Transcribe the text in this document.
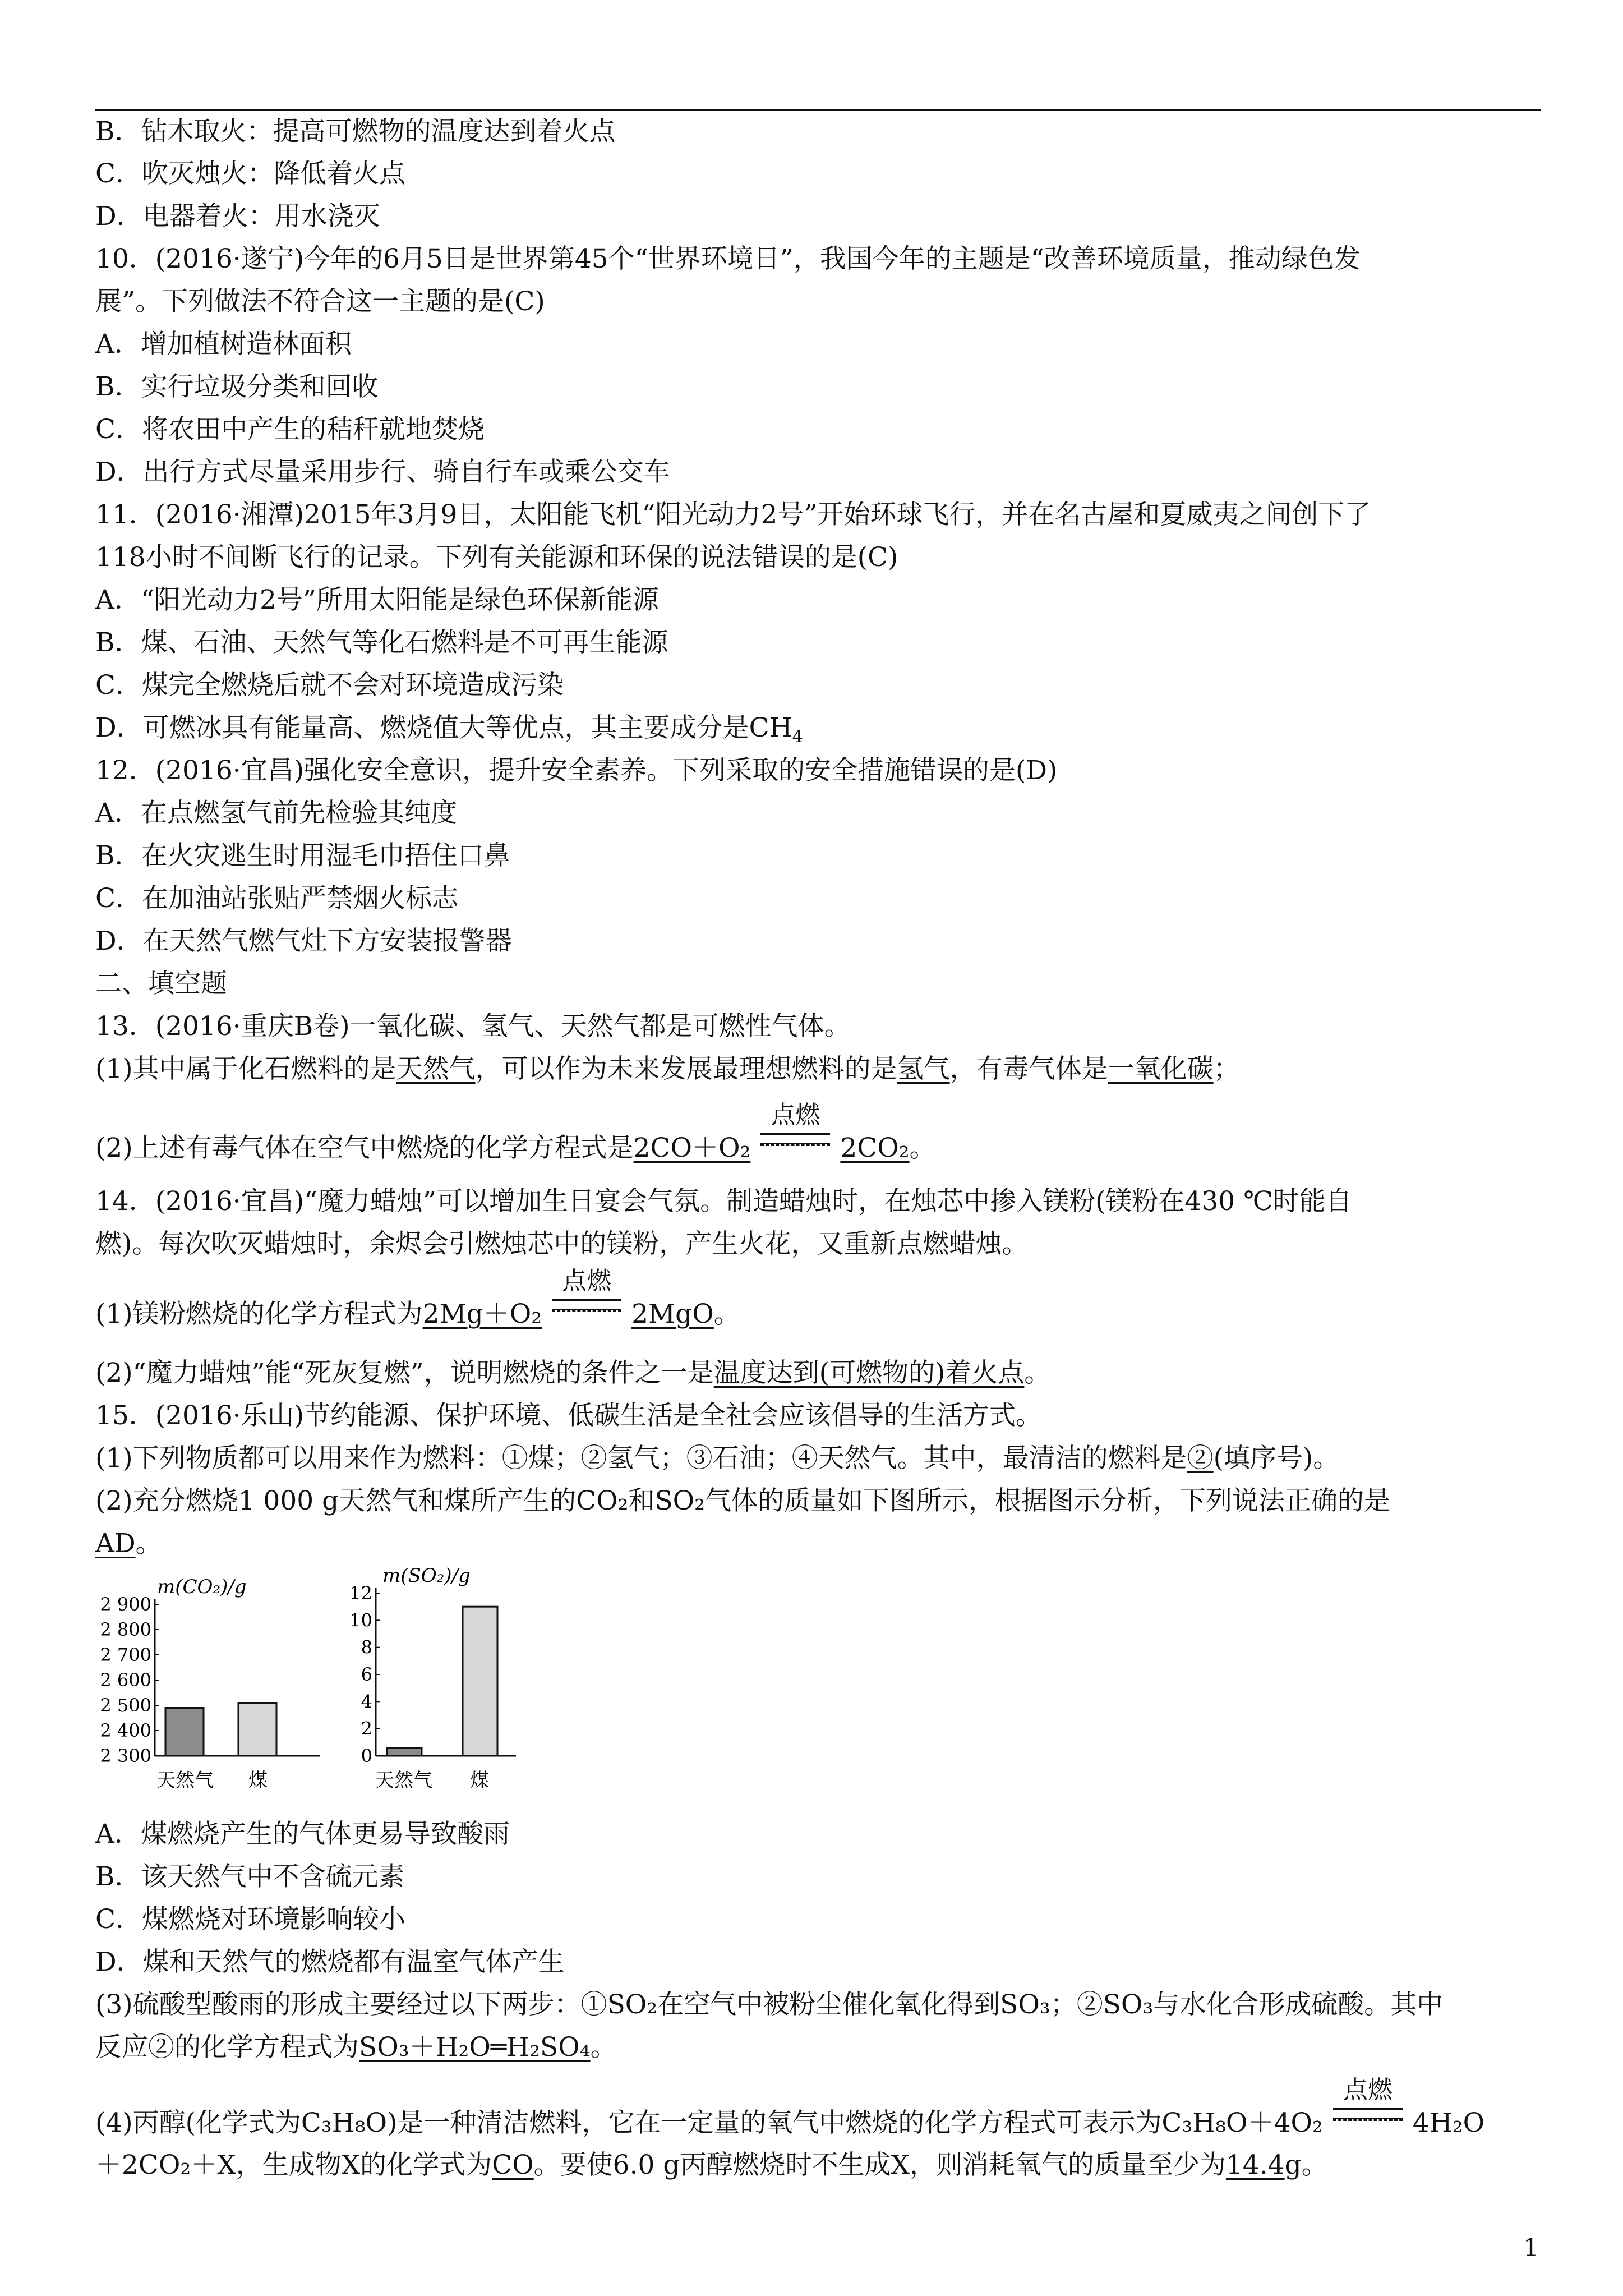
B．钻木取火：提高可燃物的温度达到着火点
C．吹灭烛火：降低着火点
D．电器着火：用水浇灭
10．(2016·遂宁)今年的6月5日是世界第45个“世界环境日”，我国今年的主题是“改善环境质量，推动绿色发
展”。下列做法不符合这一主题的是(C)
A．增加植树造林面积
B．实行垃圾分类和回收
C．将农田中产生的秸秆就地焚烧
D．出行方式尽量采用步行、骑自行车或乘公交车
11．(2016·湘潭)2015年3月9日，太阳能飞机“阳光动力2号”开始环球飞行，并在名古屋和夏威夷之间创下了
118小时不间断飞行的记录。下列有关能源和环保的说法错误的是(C)
A．“阳光动力2号”所用太阳能是绿色环保新能源
B．煤、石油、天然气等化石燃料是不可再生能源
C．煤完全燃烧后就不会对环境造成污染
D．可燃冰具有能量高、燃烧值大等优点，其主要成分是$CH_4$
12．(2016·宜昌)强化安全意识，提升安全素养。下列采取的安全措施错误的是(D)
A．在点燃氢气前先检验其纯度
B．在火灾逃生时用湿毛巾捂住口鼻
C．在加油站张贴严禁烟火标志
D．在天然气燃气灶下方安装报警器
二、填空题
13．(2016·重庆B卷)一氧化碳、氢气、天然气都是可燃性气体。
(1)其中属于化石燃料的是天然气，可以作为未来发展最理想燃料的是氢气，有毒气体是一氧化碳；
(2)上述有毒气体在空气中燃烧的化学方程式是2CO＋O₂
点燃
2CO₂。
14．(2016·宜昌)“魔力蜡烛”可以增加生日宴会气氛。制造蜡烛时，在烛芯中掺入镁粉(镁粉在430 ℃时能自
燃)。每次吹灭蜡烛时，余烬会引燃烛芯中的镁粉，产生火花，又重新点燃蜡烛。
(1)镁粉燃烧的化学方程式为2Mg＋O₂
点燃
2MgO。
(2)“魔力蜡烛”能“死灰复燃”，说明燃烧的条件之一是温度达到(可燃物的)着火点。
15．(2016·乐山)节约能源、保护环境、低碳生活是全社会应该倡导的生活方式。
(1)下列物质都可以用来作为燃料：①煤；②氢气；③石油；④天然气。其中，最清洁的燃料是②(填序号)。
(2)充分燃烧1 000 g天然气和煤所产生的CO₂和SO₂气体的质量如下图所示，根据图示分析，下列说法正确的是
AD。
m(CO₂)/g
2 900
2 800
2 700
2 600
2 500
2 400
2 300
天然气 煤
m(SO₂)/g
12
10
8
6
4
2
0
天然气 煤
A．煤燃烧产生的气体更易导致酸雨
B．该天然气中不含硫元素
C．煤燃烧对环境影响较小
D．煤和天然气的燃烧都有温室气体产生
(3)硫酸型酸雨的形成主要经过以下两步：①SO₂在空气中被粉尘催化氧化得到SO₃；②SO₃与水化合形成硫酸。其中
反应②的化学方程式为SO₃＋H₂O═H₂SO₄。
(4)丙醇(化学式为C₃H₈O)是一种清洁燃料，它在一定量的氧气中燃烧的化学方程式可表示为C₃H₈O＋4O₂
点燃
4H₂O
＋2CO₂＋X，生成物X的化学式为CO。要使6.0 g丙醇燃烧时不生成X，则消耗氧气的质量至少为14.4g。
1
